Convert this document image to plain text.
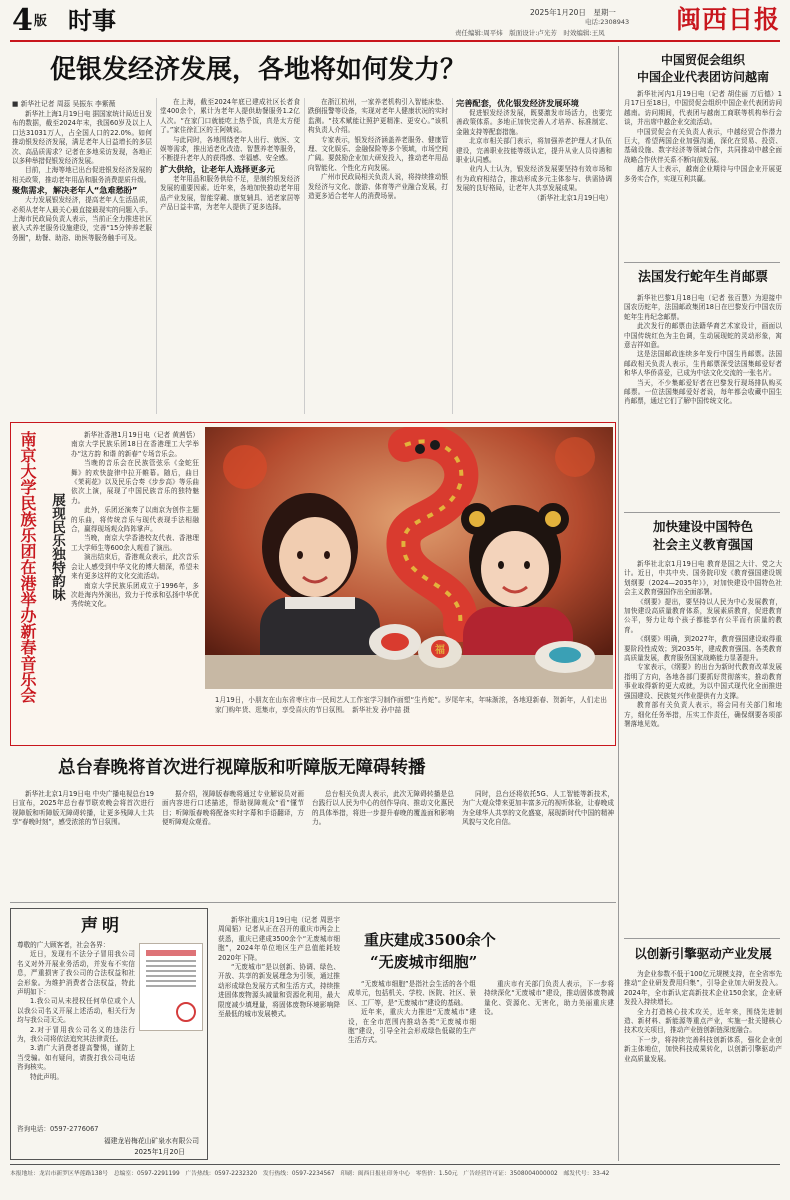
4版 时事	2025年1月20日　 星期一
电话:2308943
责任编辑:周平炜　版面设计:卢光芳　时效编辑:王凤	闽西日报
促银发经济发展，各地将如何发力？
■ 新华社记者 周蕊 吴振东 李紫薇

新华社上海1月19日电 据国家统计局近日发布的数据，截至2024年末，我国60岁及以上人口达31031万人，占全国人口的22.0%。如何推动银发经济发展，满足老年人日益增长的多层次、高品质需求？记者在多地采访发现，各地正以多种举措促银发经济发展。

目前，上海等地已出台促进银发经济发展的相关政策，推动老年用品和服务消费提质升级。

聚焦需求，解决老年人“急难愁盼”

大力发展银发经济，提高老年人生活品质，必须从老年人最关心最直接最现实的问题入手。上海市民政局负责人表示，当前正全力推进社区嵌入式养老服务设施建设，完善“15分钟养老服务圈”，助餐、助浴、助医等服务触手可及。

在上海，截至2024年底已建成社区长者食堂400余个，累计为老年人提供助餐服务1.2亿人次。“在家门口就能吃上热乎饭，真是太方便了。”家住徐汇区的王阿姨说。

与此同时，各地围绕老年人出行、就医、文娱等需求，推出适老化改造、智慧养老等服务，不断提升老年人的获得感、幸福感、安全感。

扩大供给，让老年人选择更多元

老年用品和服务供给不足，是制约银发经济发展的重要因素。近年来，各地加快推动老年用品产业发展，智能穿戴、康复辅具、适老家居等产品日益丰富，为老年人提供了更多选择。

在浙江杭州，一家养老机构引入智能床垫、跌倒报警等设备，实现对老年人健康状况的实时监测。“技术赋能让照护更精准、更安心。”该机构负责人介绍。

专家表示，银发经济涵盖养老服务、健康管理、文化娱乐、金融保险等多个领域，市场空间广阔。要鼓励企业加大研发投入，推动老年用品向智能化、个性化方向发展。

广州市民政局相关负责人说，将持续推动银发经济与文化、旅游、体育等产业融合发展，打造更多适合老年人的消费场景。

完善配套，优化银发经济发展环境

促进银发经济发展，既要激发市场活力，也要完善政策体系。多地正加快完善人才培养、标准制定、金融支持等配套措施。

北京市相关部门表示，将加强养老护理人才队伍建设，完善职业技能等级认定，提升从业人员待遇和职业认同感。

业内人士认为，银发经济发展要坚持有效市场和有为政府相结合，推动形成多元主体参与、供需协调发展的良好格局，让老年人共享发展成果。

（新华社北京1月19日电）

中国贸促会组织
中国企业代表团访问越南

新华社河内1月19日电（记者 胡佳丽 万后德）1月17日至18日，中国贸促会组织中国企业代表团访问越南。访问期间，代表团与越南工商联等机构举行会谈，并出席中越企业交流活动。

中国贸促会有关负责人表示，中越经贸合作潜力巨大，希望两国企业加强沟通，深化在贸易、投资、基础设施、数字经济等领域合作，共同推动中越全面战略合作伙伴关系不断向前发展。

越方人士表示，越南企业期待与中国企业开展更多务实合作，实现互利共赢。

法国发行蛇年生肖邮票

新华社巴黎1月18日电（记者 张百慧）为迎接中国农历蛇年，法国邮政集团18日在巴黎发行中国农历蛇年生肖纪念邮票。

此次发行的邮票由法籍华裔艺术家设计，画面以中国传统红色为主色调，生动展现蛇的灵动形象，寓意吉祥如意。

这是法国邮政连续多年发行中国生肖邮票。法国邮政相关负责人表示，生肖邮票深受法国集邮爱好者和华人华侨喜爱，已成为中法文化交流的一张名片。

当天，不少集邮爱好者在巴黎发行现场排队购买邮票。一位法国集邮爱好者说，每年都会收藏中国生肖邮票，通过它们了解中国传统文化。

加快建设中国特色
社会主义教育强国

新华社北京1月19日电 教育是国之大计、党之大计。近日，中共中央、国务院印发《教育强国建设规划纲要（2024—2035年）》，对加快建设中国特色社会主义教育强国作出全面部署。

《纲要》提出，要坚持以人民为中心发展教育，加快建设高质量教育体系，发展素质教育，促进教育公平，努力让每个孩子都能享有公平而有质量的教育。

《纲要》明确，到2027年，教育强国建设取得重要阶段性成效；到2035年，建成教育强国。各类教育高质量发展，教育服务国家战略能力显著提升。

专家表示，《纲要》的出台为新时代教育改革发展指明了方向，各地各部门要抓好贯彻落实，推动教育事业取得新的更大成就，为以中国式现代化全面推进强国建设、民族复兴伟业提供有力支撑。

教育部有关负责人表示，将会同有关部门和地方，细化任务举措，压实工作责任，确保纲要各项部署落地见效。

以创新引擎驱动产业发展

为企业参数不低于100亿元规模支持，在全省率先推动“企业研发费用归集”，引导企业加大研发投入。2024年，全市新认定高新技术企业150余家，企业研发投入持续增长。

全力打造核心技术攻关，近年来，围绕先进制造、新材料、新能源等重点产业，实施一批关键核心技术攻关项目，推动产业链创新链深度融合。

下一步，将持续完善科技创新体系，强化企业创新主体地位，加快科技成果转化，以创新引擎驱动产业高质量发展。

南京大学民族乐团在港举办新春音乐会 展现民乐独特韵味

新华社香港1月19日电（记者 黄茜恬）南京大学民族乐团18日在香港理工大学举办“这方韵 和谐 的新春”专场音乐会。

当晚的音乐会在民族管弦乐《金蛇狂舞》的欢快旋律中拉开帷幕。随后，曲目《茉莉花》以及民乐合奏《步步高》等乐曲依次上演，展现了中国民族音乐的独特魅力。

此外，乐团还演奏了以南京为创作主题的乐曲，将传统音乐与现代表现手法相融合，赢得现场观众阵阵掌声。

当晚，南京大学香港校友代表、香港理工大学师生等600余人观看了演出。

演出结束后，香港观众表示，此次音乐会让人感受到中华文化的博大精深，希望未来有更多这样的文化交流活动。

南京大学民族乐团成立于1996年，多次赴海内外演出，致力于传承和弘扬中华优秀传统文化。

福
1月19日，小朋友在山东省枣庄市一民间艺人工作室学习制作面塑“生肖蛇”。岁尾年末，年味渐浓，各地迎新春、贺新年，人们走出家门购年货、逛集市，享受喜庆的节日氛围。　新华社发 孙中喆 摄
总台春晚将首次进行视障版和听障版无障碍转播

新华社北京1月19日电 中央广播电视总台19日宣布，2025年总台春节联欢晚会将首次进行视障版和听障版无障碍转播，让更多残障人士共享“春晚时刻”，感受浓浓的节日氛围。

据介绍，视障版春晚将通过专业解说员对画面内容进行口述描述，帮助视障观众“看”懂节目；听障版春晚将配备实时字幕和手语翻译，方便听障观众观看。

总台相关负责人表示，此次无障碍转播是总台践行以人民为中心的创作导向、推动文化惠民的具体举措，将进一步提升春晚的覆盖面和影响力。

同时，总台还将依托5G、人工智能等新技术，为广大观众带来更加丰富多元的视听体验，让春晚成为全球华人共享的文化盛宴，展现新时代中国的精神风貌与文化自信。

声明

尊敬的广大顾客者，社会各界：

近日，发现有不法分子冒用我公司名义对外开展业务活动，并发布不实信息，严重损害了我公司的合法权益和社会形象。为维护消费者合法权益，特此声明如下：

1.我公司从未授权任何单位或个人以我公司名义开展上述活动，相关行为均与我公司无关。

2.对于冒用我公司名义的违法行为，我公司将依法追究其法律责任。

3.请广大消费者提高警惕，谨防上当受骗。如有疑问，请拨打我公司电话咨询核实。

特此声明。

咨询电话：0597-2776067
福建龙岩梅花山矿泉水有限公司
2025年1月20日
重庆建成3500余个
“无废城市细胞”

新华社重庆1月19日电（记者 周思宇 周闻韬）记者从正在召开的重庆市两会上获悉，重庆已建成3500余个“无废城市细胞”，2024年单位地区生产总值能耗较2020年下降。

“无废城市”是以创新、协调、绿色、开放、共享的新发展理念为引领，通过推动形成绿色发展方式和生活方式，持续推进固体废物源头减量和资源化利用，最大限度减少填埋量，将固体废物环境影响降至最低的城市发展模式。

“无废城市细胞”是指社会生活的各个组成单元，包括机关、学校、医院、社区、景区、工厂等，是“无废城市”建设的基础。

近年来，重庆大力推进“无废城市”建设，在全市范围内推动各类“无废城市细胞”建设，引导全社会形成绿色低碳的生产生活方式。

重庆市有关部门负责人表示，下一步将持续深化“无废城市”建设，推动固体废物减量化、资源化、无害化，助力美丽重庆建设。

本报地址：龙岩市新罗区华莲路138号　总编室：0597-2291199　广告热线：0597-2232320　发行热线：0597-2234567　印刷：闽西日报社印务中心　零售价：1.50元　广告经营许可证：3508004000002　邮发代号：33-42
